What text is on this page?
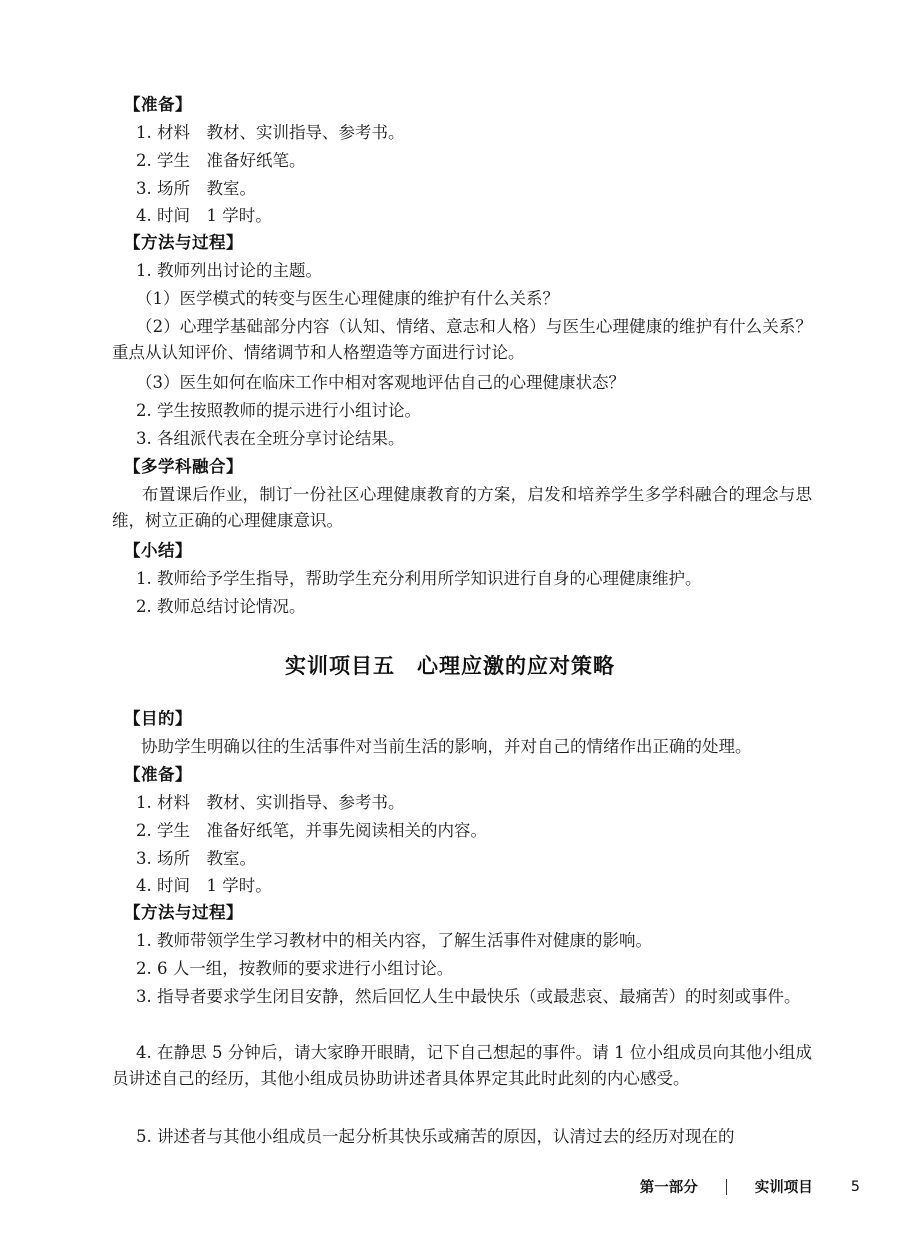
【准备】

1. 材料　教材、实训指导、参考书。

2. 学生　准备好纸笔。

3. 场所　教室。

4. 时间　1 学时。

【方法与过程】

1. 教师列出讨论的主题。

（1）医学模式的转变与医生心理健康的维护有什么关系？

（2）心理学基础部分内容（认知、情绪、意志和人格）与医生心理健康的维护有什么关系？重点从认知评价、情绪调节和人格塑造等方面进行讨论。

（3）医生如何在临床工作中相对客观地评估自己的心理健康状态？

2. 学生按照教师的提示进行小组讨论。

3. 各组派代表在全班分享讨论结果。

【多学科融合】

布置课后作业，制订一份社区心理健康教育的方案，启发和培养学生多学科融合的理念与思维，树立正确的心理健康意识。

【小结】

1. 教师给予学生指导，帮助学生充分利用所学知识进行自身的心理健康维护。

2. 教师总结讨论情况。

实训项目五　心理应激的应对策略

【目的】

协助学生明确以往的生活事件对当前生活的影响，并对自己的情绪作出正确的处理。

【准备】

1. 材料　教材、实训指导、参考书。

2. 学生　准备好纸笔，并事先阅读相关的内容。

3. 场所　教室。

4. 时间　1 学时。

【方法与过程】

1. 教师带领学生学习教材中的相关内容，了解生活事件对健康的影响。

2. 6 人一组，按教师的要求进行小组讨论。

3. 指导者要求学生闭目安静，然后回忆人生中最快乐（或最悲哀、最痛苦）的时刻或事件。

4. 在静思 5 分钟后，请大家睁开眼睛，记下自己想起的事件。请 1 位小组成员向其他小组成员讲述自己的经历，其他小组成员协助讲述者具体界定其此时此刻的内心感受。

5. 讲述者与其他小组成员一起分析其快乐或痛苦的原因，认清过去的经历对现在的

第一部分	实训项目	5
